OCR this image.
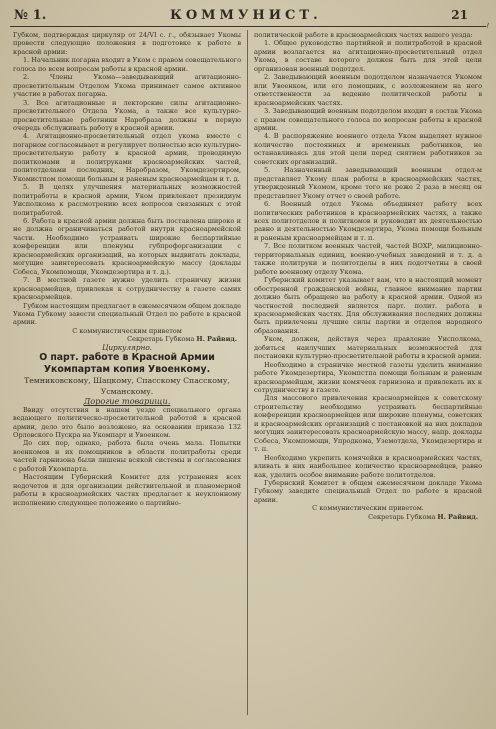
ɩ
№ 1.	КОММУНИСТ.	21

Губком, подтверждая циркуляр от 24/VI с. г., обязывает Укомы провести следующие положения в подготовке к работе в красной армии:

1. Начальник погарна входит в Уком с правом совещательного голоса по всем вопросам работы в красной армии.

2. Члены Укома—заведывающий агитационно-просветительным Отделом Укома принимает самое активное участие в работах погарна.

3. Все агитационные и лекторские силы агитационно-просветительного Отдела Укома, а также все культурно-просветительные работники Наробраза должны в первую очередь обслуживать работу в красной армии.

4. Агитационно-просветительный отдел укома вместе с погарном согласовывает и регулирует полностью всю культурно-просветительную работу в красной армии, проводимую политкомами и политруками красноармейских частей, политотделами последних, Наробразом, Укомдезертиром, Укомистпом помощи больным и раненым красноармейцам и т. д.

5. В целях улучшения материальных возможностей политработы в красной армии, Уком привлекает президиум Уисполкома к рассмотрению всех вопросов связанных с этой политработой.

6. Работа в красной армии должна быть поставлена широко и не должна ограничиваться работой внутри красноармейской части. Необходимо устраивать широкие беспартийные конференции или пленумы губпрофорганизации с красноармейских организаций, на которых выдвигать доклады, могущие заинтересовать красноармейскую массу (доклады Собеса, Укомпомощи, Укомдезертира и т. д.).

7. В местной газете нужно уделить страничку жизни красноармейцев, привлекая к сотрудничеству в газете самих красноармейцев.

Губком настоящим предлагает в ежемесячном общем докладе Укома Губкому завести специальный Отдел по работе в красной армии.

С коммунистическим приветом

Секретарь Губкома Н. Райвид.

Циркулярно.

О парт. работе в Красной Армии Укомпартам копия Увоенкому.

Темниковскому, Шацкому, Спасскому Спасскому, Усманскому.

Дорогие товарищи.

Ввиду отсутствия в нашем уезде специального органа ведающего политическо-просветительной работой в красной армии, дело это было возложено, на основании приказа 132 Орловского Пускра на Укомпарт и Увоенком.

До сих пор, однако, работа была очень мала. Попытки военкомов и их помощников в области политработы среди частей гарнизона были лишены всякой системы и согласования с работой Укомпарта.

Настоящим Губернский Комитет для устранения всех недочетов и для организации действительной и планомерной работы в красноармейских частях предлагает к неуклонному исполнению следующее положение о партийно-

политической работе в красноармейских частях вашего уезда:

1. Общее руководство партийной и политработой в красной армии возлагается на агитационно-просветительный отдел Укома, в составе которого должен быть для этой цели организован военный подотдел.

2. Заведывающий военным подотделом назначается Укомом или Увоенком, или его помощник, с возложением на него ответственности за ведение политической работы в красноармейских частях.

3. Заведывающий военным подотделом входит в состав Укома с правом совещательного голоса по вопросам работы в красной армии.

4. В распоряжение военного отдела Уком выделяет нужное количество постоянных и временных работников, не останавливаясь для этой цели перед снятием работников за советских организаций.

5. Назначенный заведывающий военным отдел-м представляет Укому план работы в красноармейских частях, утвержденный Укомом, кроме того не реже 2 раза в месяц он представляет Укому отчет о своей работе.

6. Военный отдел Укома объединяет работу всех политических работников в красноармейских частях, а также всех политотделов и политкомов и руководит их деятельностью равно и деятельностью Укомдезертира, Укома помощи больным и раненым красноармейцам и т. п.

7. Все политком военных частей, частей ВОХР, милиционно-территориальных единиц, военно-учебных заведений и т. д. а также политруки и политотделы в них подотчетны в своей работе военному отделу Укома.

Губернский комитет указывает вам, что в настоящий момент обостренной гражданской войны, главное внимание партии должно быть обращено на работу в красной армии. Одной из частностей последней является парт. полит. работа в красноармейских частях. Для обслуживания последних должны быть привлечены лучшие силы партии и отделов народного образования.

Уком, должен, действуя через правление Уисполкома, добиться наилучших материальных возможностей для постановки культурно-просветительной работы в красной армии.

Необходимо в страничке местной газеты уделить внимание работе Укомдезертира, Укомпстпа помощи больным и раненым красноармейцам, жизни комячеек гарнизона и привлекать их к сотрудничеству в газете.

Для массового привлечения красноармейцев к советскому строительству необходимо устраивать беспартийные конференции красноармейцев или широкие пленумы, советских и красноармейских организаций с постановкой на них докладов могущих заинтересовать красноармейскую массу, напр. доклады Собеса, Укомпомощи, Упродкома, Уземотдела, Укомдезертира и т. п.

Необходимо укрепить комячейки в красноармейских частях, вливать в них наибольшее количество красноармейцев, равно как, уделить особое внимание работе политотделов.

Губернский Комитет в общем ежемесячном докладе Укома Губкому заведите специальный Отдел по работе в красной армии.

С коммунистическим приветом.

Секретарь Губкома Н. Райвид.
